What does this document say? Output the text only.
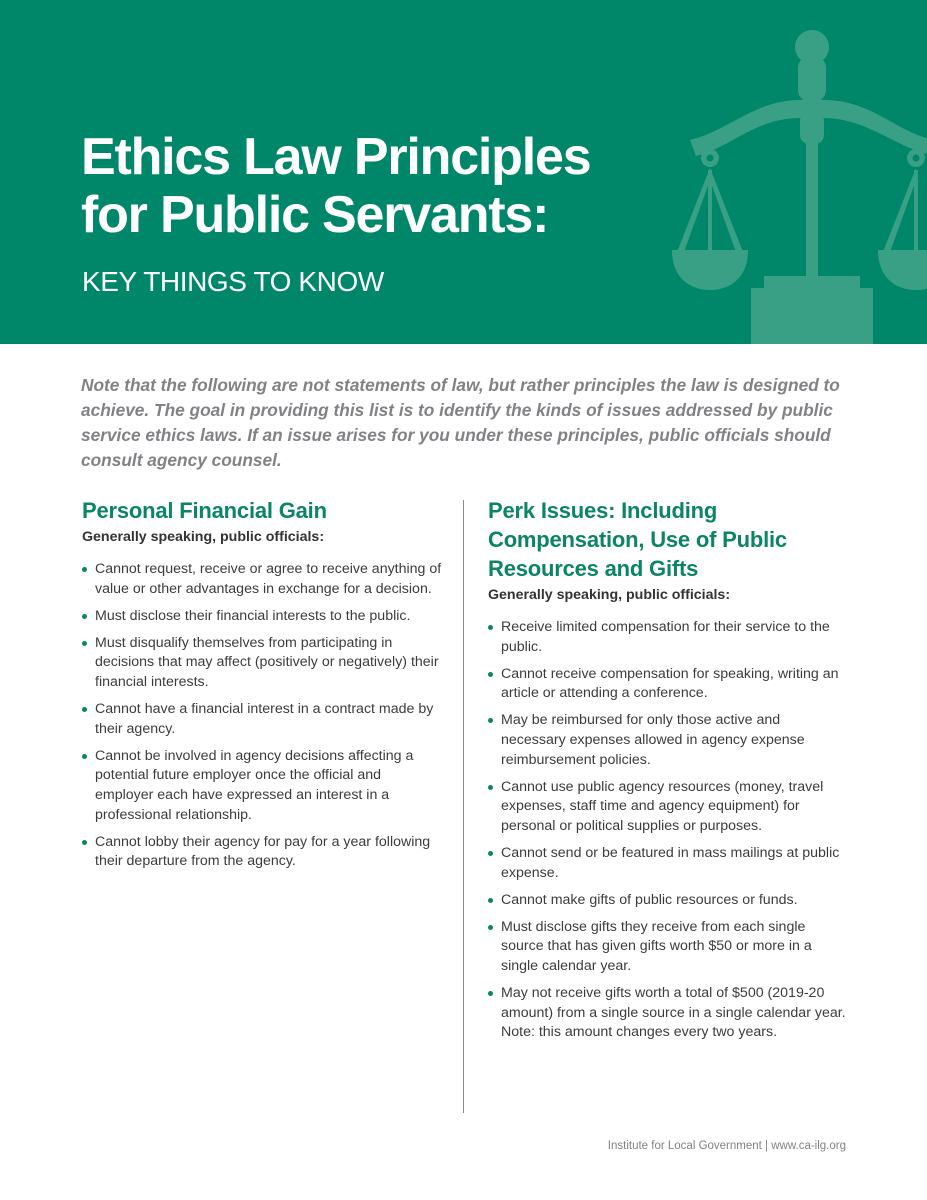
Ethics Law Principles
for Public Servants:
KEY THINGS TO KNOW

Note that the following are not statements of law, but rather principles the law is designed to achieve. The goal in providing this list is to identify the kinds of issues addressed by public service ethics laws. If an issue arises for you under these principles, public officials should consult agency counsel.

Personal Financial Gain
Generally speaking, public officials:
Cannot request, receive or agree to receive anything of value or other advantages in exchange for a decision.
Must disclose their financial interests to the public.
Must disqualify themselves from participating in decisions that may affect (positively or negatively) their financial interests.
Cannot have a financial interest in a contract made by their agency.
Cannot be involved in agency decisions affecting a potential future employer once the official and employer each have expressed an interest in a professional relationship.
Cannot lobby their agency for pay for a year following their departure from the agency.
Perk Issues: Including Compensation, Use of Public Resources and Gifts
Generally speaking, public officials:
Receive limited compensation for their service to the public.
Cannot receive compensation for speaking, writing an article or attending a conference.
May be reimbursed for only those active and necessary expenses allowed in agency expense reimbursement policies.
Cannot use public agency resources (money, travel expenses, staff time and agency equipment) for personal or political supplies or purposes.
Cannot send or be featured in mass mailings at public expense.
Cannot make gifts of public resources or funds.
Must disclose gifts they receive from each single source that has given gifts worth $50 or more in a single calendar year.
May not receive gifts worth a total of $500 (2019-20 amount) from a single source in a single calendar year. Note: this amount changes every two years.
Institute for Local Government | www.ca-ilg.org
